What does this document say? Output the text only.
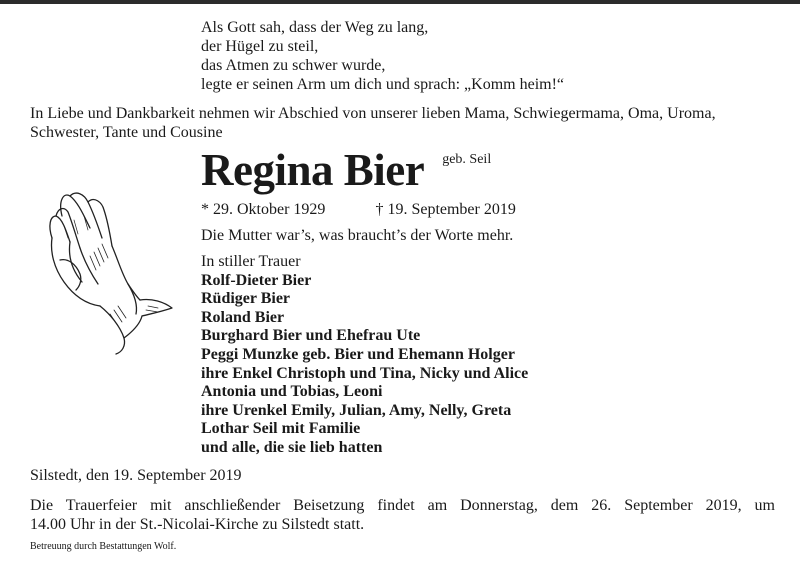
Als Gott sah, dass der Weg zu lang,
der Hügel zu steil,
das Atmen zu schwer wurde,
legte er seinen Arm um dich und sprach: „Komm heim!“
In Liebe und Dankbarkeit nehmen wir Abschied von unserer lieben Mama, Schwiegermama, Oma, Uroma, Schwester, Tante und Cousine
Regina Bier geb. Seil
* 29. Oktober 1929	† 19. September 2019
Die Mutter war’s, was braucht’s der Worte mehr.
In stiller Trauer
Rolf-Dieter Bier
Rüdiger Bier
Roland Bier
Burghard Bier und Ehefrau Ute
Peggi Munzke geb. Bier und Ehemann Holger
ihre Enkel Christoph und Tina, Nicky und Alice
Antonia und Tobias, Leoni
ihre Urenkel Emily, Julian, Amy, Nelly, Greta
Lothar Seil mit Familie
und alle, die sie lieb hatten
Silstedt, den 19. September 2019
Die Trauerfeier mit anschließender Beisetzung findet am Donnerstag, dem 26. September 2019, um
14.00 Uhr in der St.-Nicolai-Kirche zu Silstedt statt.
Betreuung durch Bestattungen Wolf.
